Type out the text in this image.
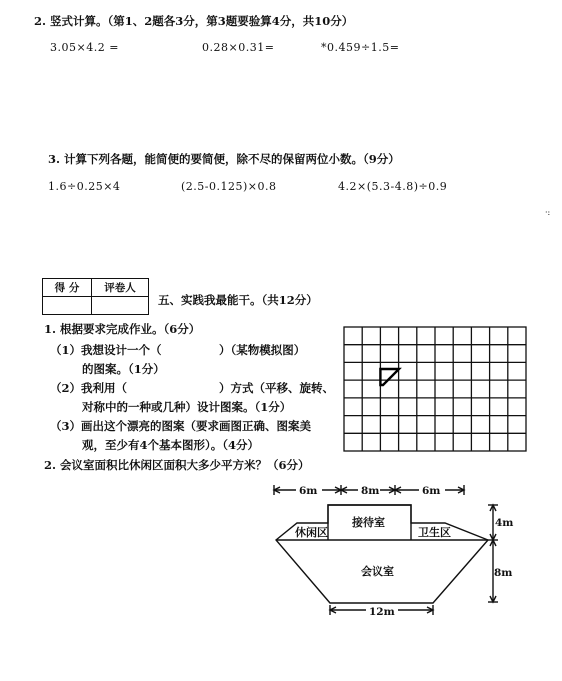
2. 竖式计算。（第1、2题各3分，第3题要验算4分，共10分）
3.05×4.2 =	0.28×0.31=	*0.459÷1.5=
3. 计算下列各题，能简便的要简便，除不尽的保留两位小数。（9分）
1.6÷0.25×4	(2.5-0.125)×0.8	4.2×(5.3-4.8)÷0.9
·:
得 分	评卷人

五、实践我最能干。（共12分）
1. 根据要求完成作业。（6分）
（1）我想设计一个（　　　　　）（某物模拟图）
的图案。（1分）
（2）我利用（　　　　　　　　）方式（平移、旋转、
对称中的一种或几种）设计图案。（1分）
（3）画出这个漂亮的图案（要求画图正确、图案美
观，至少有4个基本图形）。（4分）
2. 会议室面积比休闲区面积大多少平方米？（6分）
6m	8m	6m
4m
8m
12m
休闲区
接待室
卫生区
会议室
